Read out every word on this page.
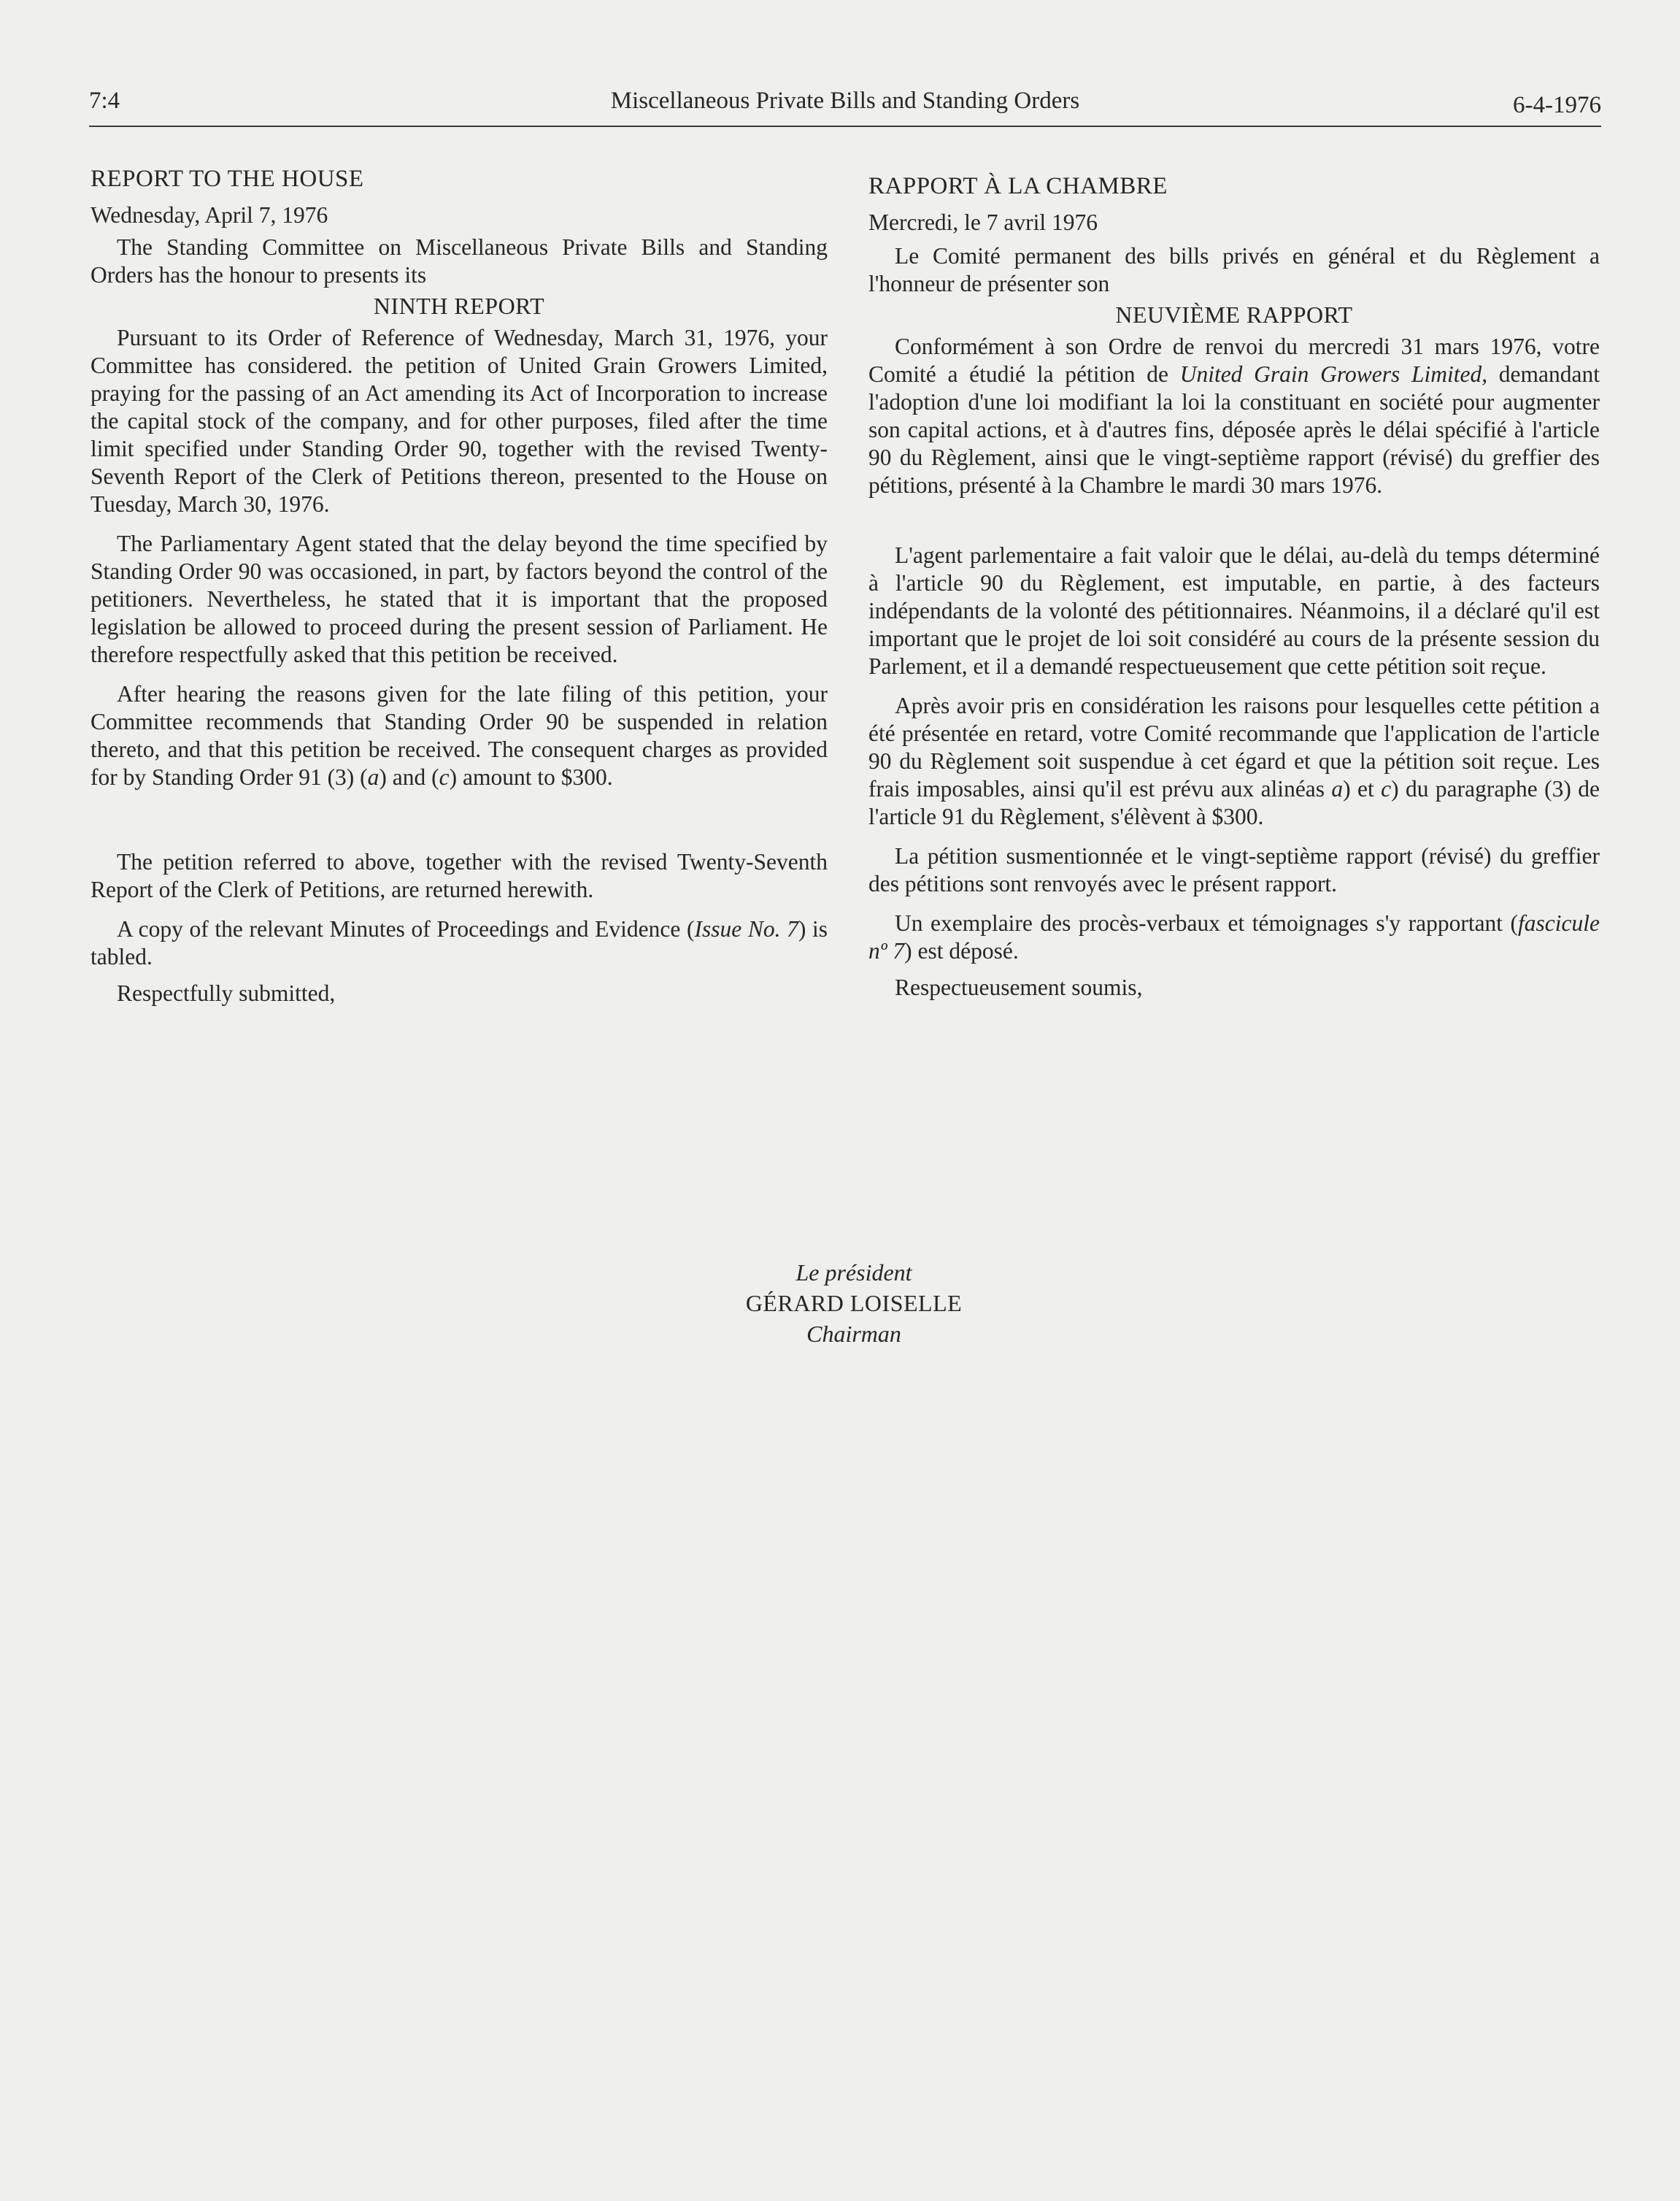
7:4	Miscellaneous Private Bills and Standing Orders	6-4-1976

REPORT TO THE HOUSE

Wednesday, April 7, 1976

The Standing Committee on Miscellaneous Private Bills and Standing Orders has the honour to presents its

NINTH REPORT

Pursuant to its Order of Reference of Wednesday, March 31, 1976, your Committee has considered. the petition of United Grain Growers Limited, praying for the passing of an Act amending its Act of Incorporation to increase the capital stock of the company, and for other purposes, filed after the time limit specified under Standing Order 90, together with the revised Twenty-Seventh Report of the Clerk of Petitions thereon, presented to the House on Tuesday, March 30, 1976.

The Parliamentary Agent stated that the delay beyond the time specified by Standing Order 90 was occasioned, in part, by factors beyond the control of the petitioners. Nevertheless, he stated that it is important that the proposed legislation be allowed to proceed during the present session of Parliament. He therefore respectfully asked that this petition be received.

After hearing the reasons given for the late filing of this petition, your Committee recommends that Standing Order 90 be suspended in relation thereto, and that this petition be received. The consequent charges as provided for by Standing Order 91 (3) (a) and (c) amount to $300.

The petition referred to above, together with the revised Twenty-Seventh Report of the Clerk of Petitions, are returned herewith.

A copy of the relevant Minutes of Proceedings and Evidence (Issue No. 7) is tabled.

Respectfully submitted,

RAPPORT À LA CHAMBRE

Mercredi, le 7 avril 1976

Le Comité permanent des bills privés en général et du Règlement a l'honneur de présenter son

NEUVIÈME RAPPORT

Conformément à son Ordre de renvoi du mercredi 31 mars 1976, votre Comité a étudié la pétition de United Grain Growers Limited, demandant l'adoption d'une loi modifiant la loi la constituant en société pour augmenter son capital actions, et à d'autres fins, déposée après le délai spécifié à l'article 90 du Règlement, ainsi que le vingt-septième rapport (révisé) du greffier des pétitions, présenté à la Chambre le mardi 30 mars 1976.

L'agent parlementaire a fait valoir que le délai, au-delà du temps déterminé à l'article 90 du Règlement, est imputable, en partie, à des facteurs indépendants de la volonté des pétitionnaires. Néanmoins, il a déclaré qu'il est important que le projet de loi soit considéré au cours de la présente session du Parlement, et il a demandé respectueusement que cette pétition soit reçue.

Après avoir pris en considération les raisons pour lesquelles cette pétition a été présentée en retard, votre Comité recommande que l'application de l'article 90 du Règlement soit suspendue à cet égard et que la pétition soit reçue. Les frais imposables, ainsi qu'il est prévu aux alinéas a) et c) du paragraphe (3) de l'article 91 du Règlement, s'élèvent à $300.

La pétition susmentionnée et le vingt-septième rapport (révisé) du greffier des pétitions sont renvoyés avec le présent rapport.

Un exemplaire des procès-verbaux et témoignages s'y rapportant (fascicule nº 7) est déposé.

Respectueusement soumis,

Le président
GÉRARD LOISELLE
Chairman
